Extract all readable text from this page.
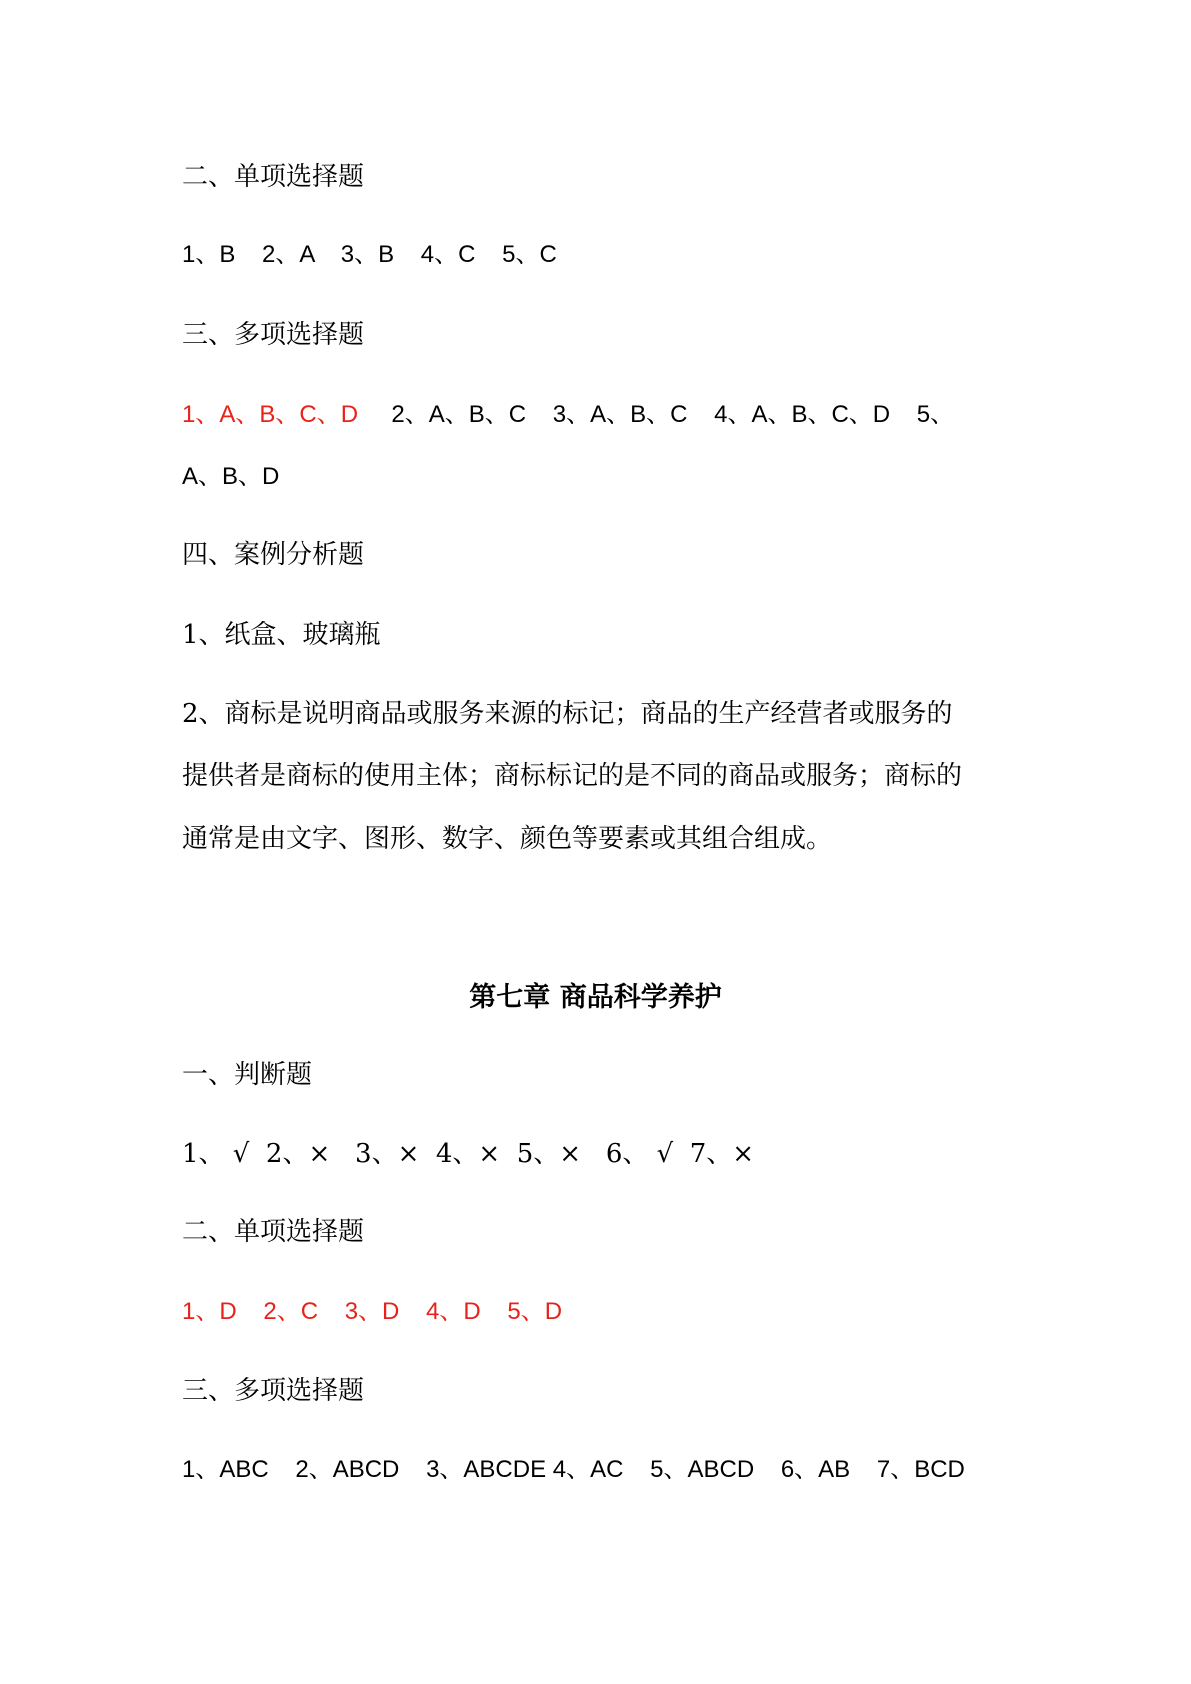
二、单项选择题

1、B    2、A    3、B    4、C    5、C

三、多项选择题

1、A、B、C、D     2、A、B、C    3、A、B、C    4、A、B、C、D    5、

A、B、D

四、案例分析题

1、纸盒、玻璃瓶

2、商标是说明商品或服务来源的标记；商品的生产经营者或服务的

提供者是商标的使用主体；商标标记的是不同的商品或服务；商标的

通常是由文字、图形、数字、颜色等要素或其组合组成。

第七章 商品科学养护

一、判断题

1、 √  2、×   3、×  4、×  5、×   6、 √  7、×

二、单项选择题

1、D    2、C    3、D    4、D    5、D

三、多项选择题

1、ABC    2、ABCD    3、ABCDE 4、AC    5、ABCD    6、AB    7、BCD
